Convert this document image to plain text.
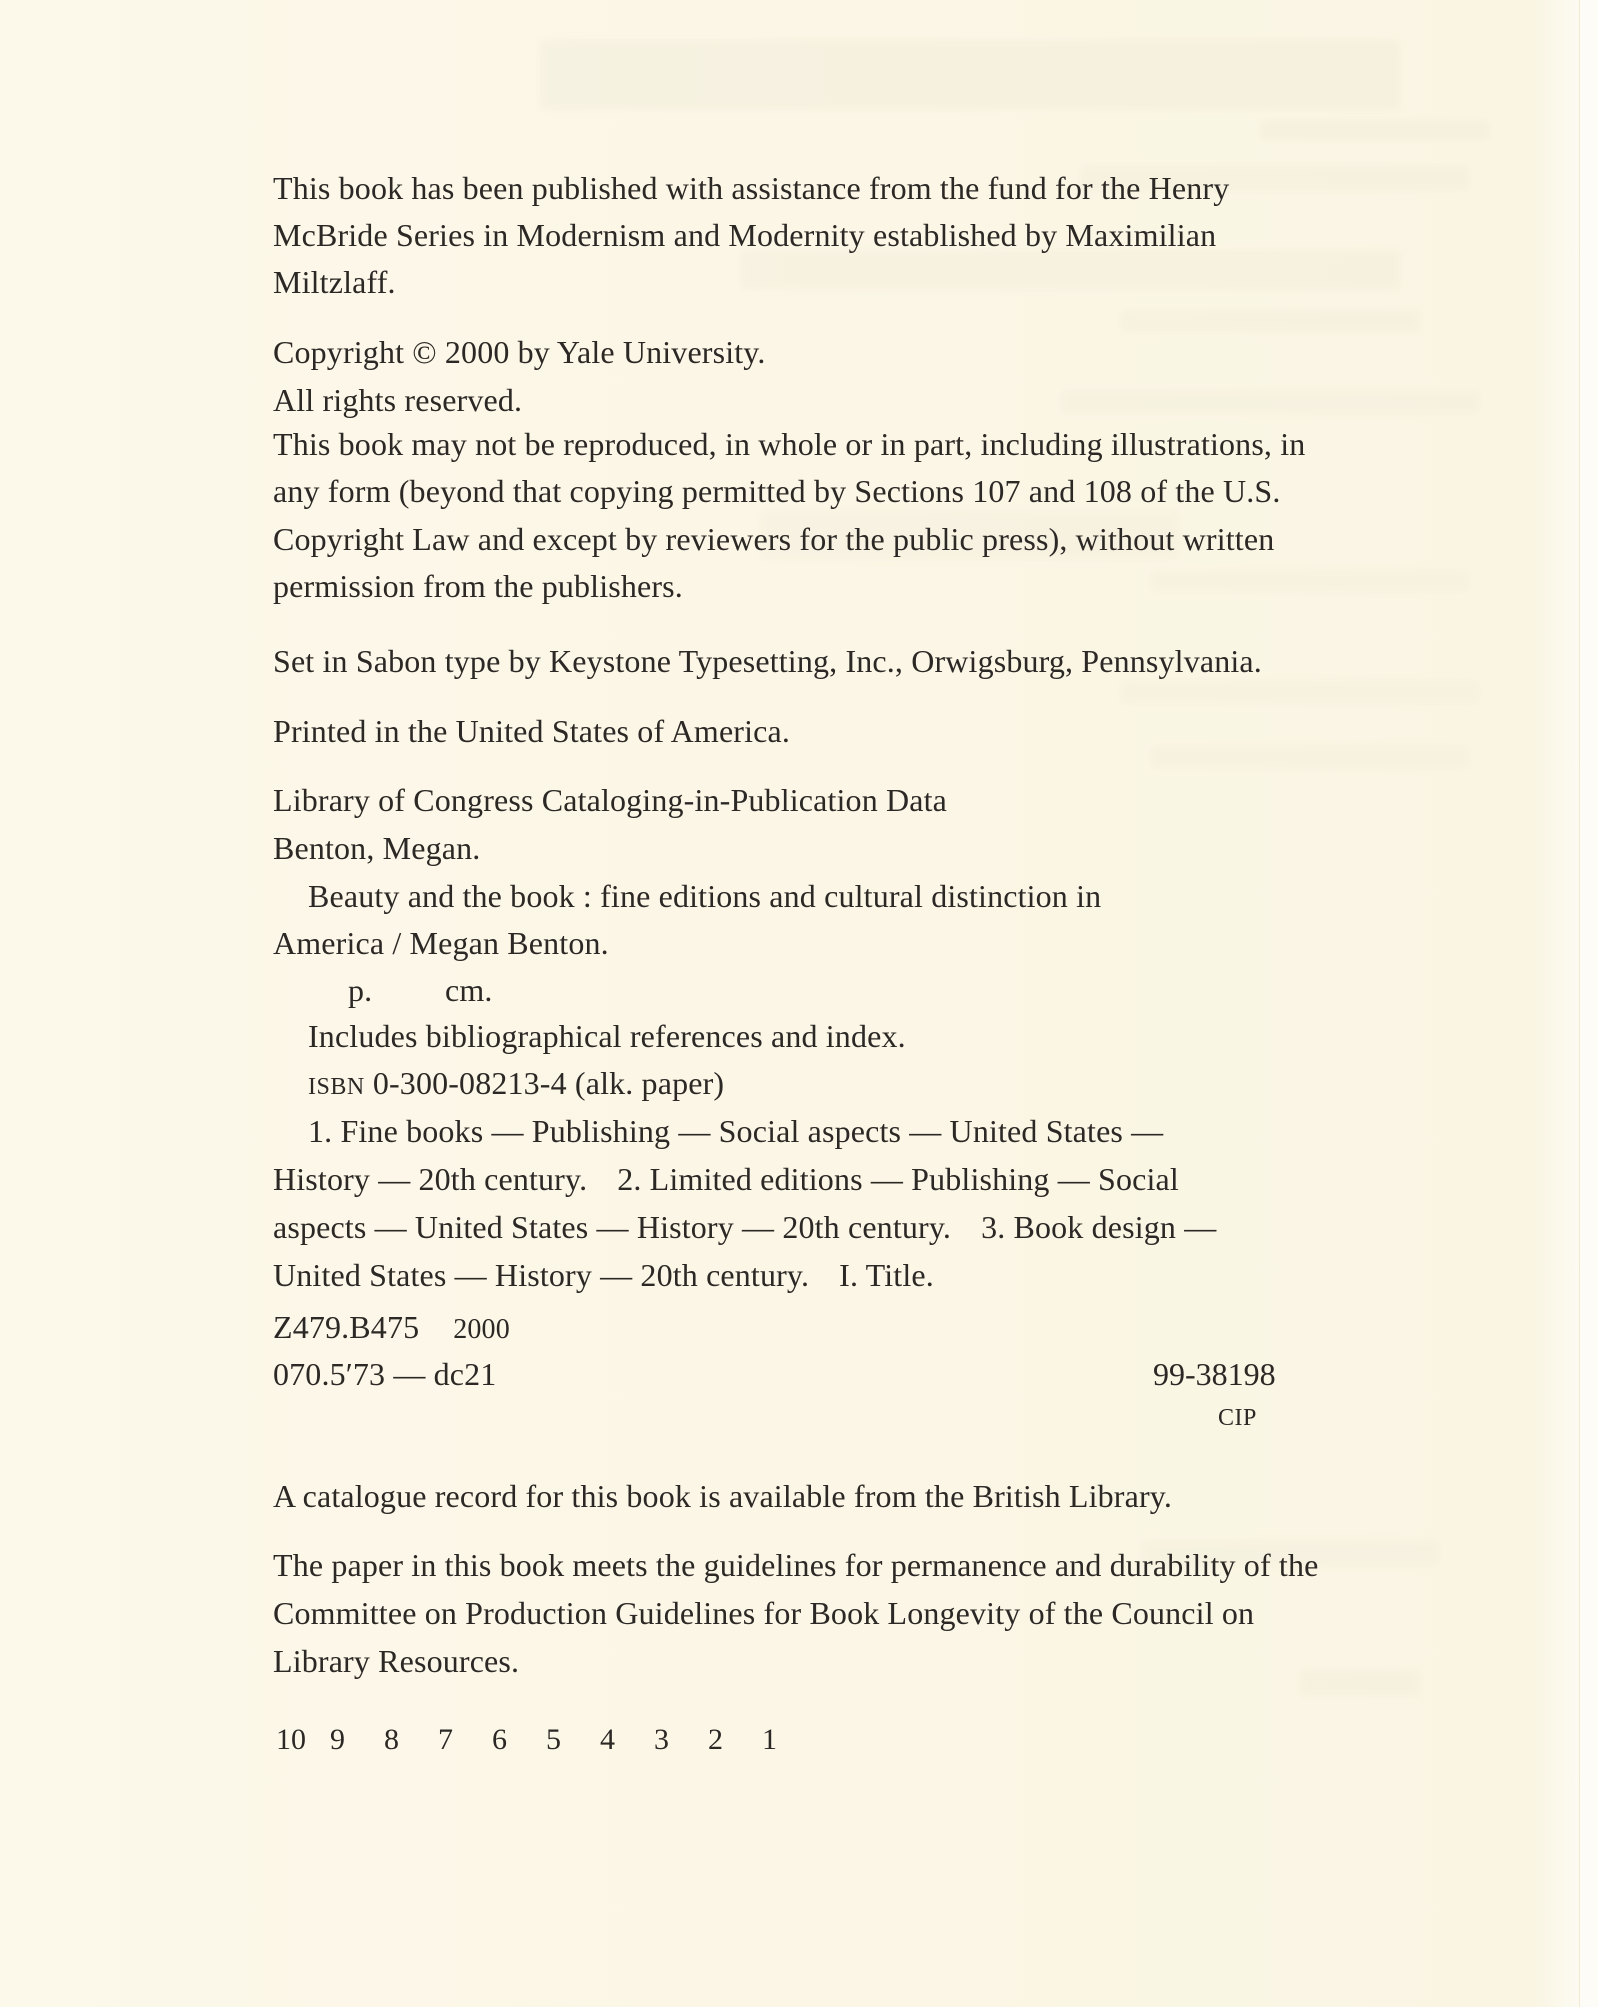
This book has been published with assistance from the fund for the Henry
McBride Series in Modernism and Modernity established by Maximilian
Miltzlaff.
Copyright © 2000 by Yale University.
All rights reserved.
This book may not be reproduced, in whole or in part, including illustrations, in
any form (beyond that copying permitted by Sections 107 and 108 of the U.S.
Copyright Law and except by reviewers for the public press), without written
permission from the publishers.
Set in Sabon type by Keystone Typesetting, Inc., Orwigsburg, Pennsylvania.
Printed in the United States of America.
Library of Congress Cataloging-in-Publication Data
Benton, Megan.
Beauty and the book : fine editions and cultural distinction in
America / Megan Benton.
p. cm.
Includes bibliographical references and index.
ISBN 0-300-08213-4 (alk. paper)
1. Fine books — Publishing — Social aspects — United States —
History — 20th century. 2. Limited editions — Publishing — Social
aspects — United States — History — 20th century. 3. Book design —
United States — History — 20th century. I. Title.
Z479.B475 2000
070.5′73 — dc21	99-38198
CIP
A catalogue record for this book is available from the British Library.
The paper in this book meets the guidelines for permanence and durability of the
Committee on Production Guidelines for Book Longevity of the Council on
Library Resources.
10 9 8 7 6 5 4 3 2 1
